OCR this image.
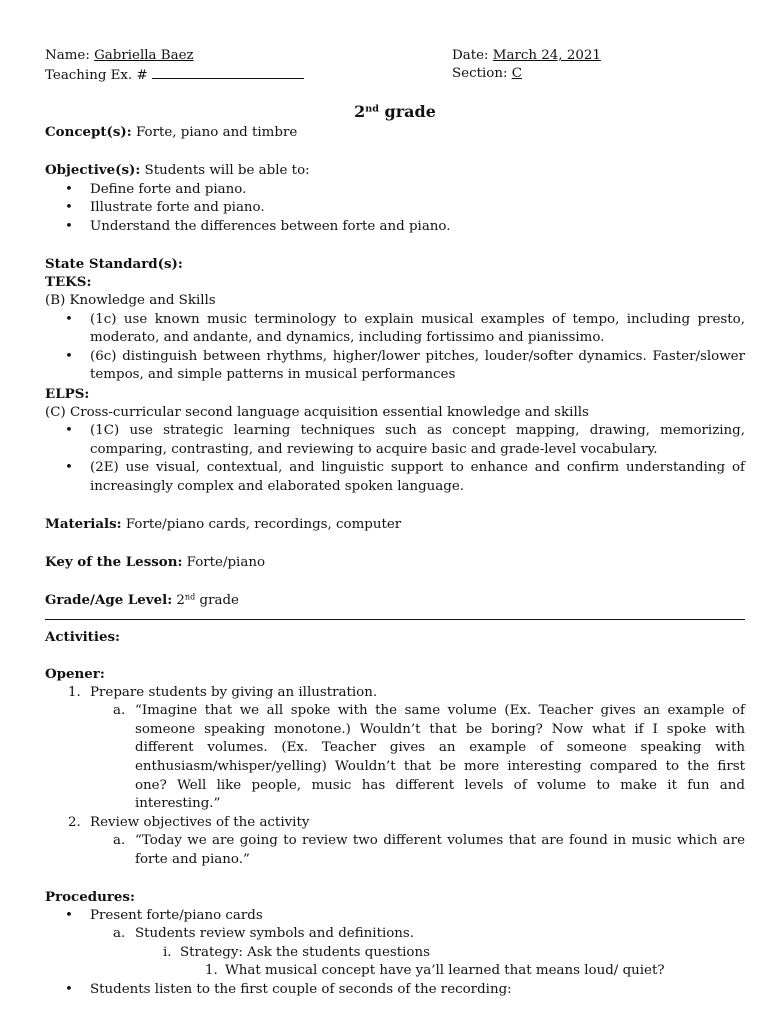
Name: Gabriella Baez
Teaching Ex. #
Date: March 24, 2021
Section: C
2nd grade
Concept(s): Forte, piano and timbre
Objective(s): Students will be able to:
• Define forte and piano.
• Illustrate forte and piano.
• Understand the differences between forte and piano.
State Standard(s):
TEKS:
(B) Knowledge and Skills
• (1c) use known music terminology to explain musical examples of tempo, including presto, moderato, and andante, and dynamics, including fortissimo and pianissimo.
• (6c) distinguish between rhythms, higher/lower pitches, louder/softer dynamics. Faster/slower tempos, and simple patterns in musical performances
ELPS:
(C) Cross-curricular second language acquisition essential knowledge and skills
• (1C) use strategic learning techniques such as concept mapping, drawing, memorizing, comparing, contrasting, and reviewing to acquire basic and grade-level vocabulary.
• (2E) use visual, contextual, and linguistic support to enhance and confirm understanding of increasingly complex and elaborated spoken language.
Materials: Forte/piano cards, recordings, computer
Key of the Lesson: Forte/piano
Grade/Age Level: 2nd grade
Activities:
Opener:
1. Prepare students by giving an illustration.
a. “Imagine that we all spoke with the same volume (Ex. Teacher gives an example of someone speaking monotone.) Wouldn’t that be boring? Now what if I spoke with different volumes. (Ex. Teacher gives an example of someone speaking with enthusiasm/whisper/yelling) Wouldn’t that be more interesting compared to the first one? Well like people, music has different levels of volume to make it fun and interesting.”
2. Review objectives of the activity
a. “Today we are going to review two different volumes that are found in music which are forte and piano.”
Procedures:
• Present forte/piano cards
a. Students review symbols and definitions.
i. Strategy: Ask the students questions
1. What musical concept have ya’ll learned that means loud/ quiet?
• Students listen to the first couple of seconds of the recording:
